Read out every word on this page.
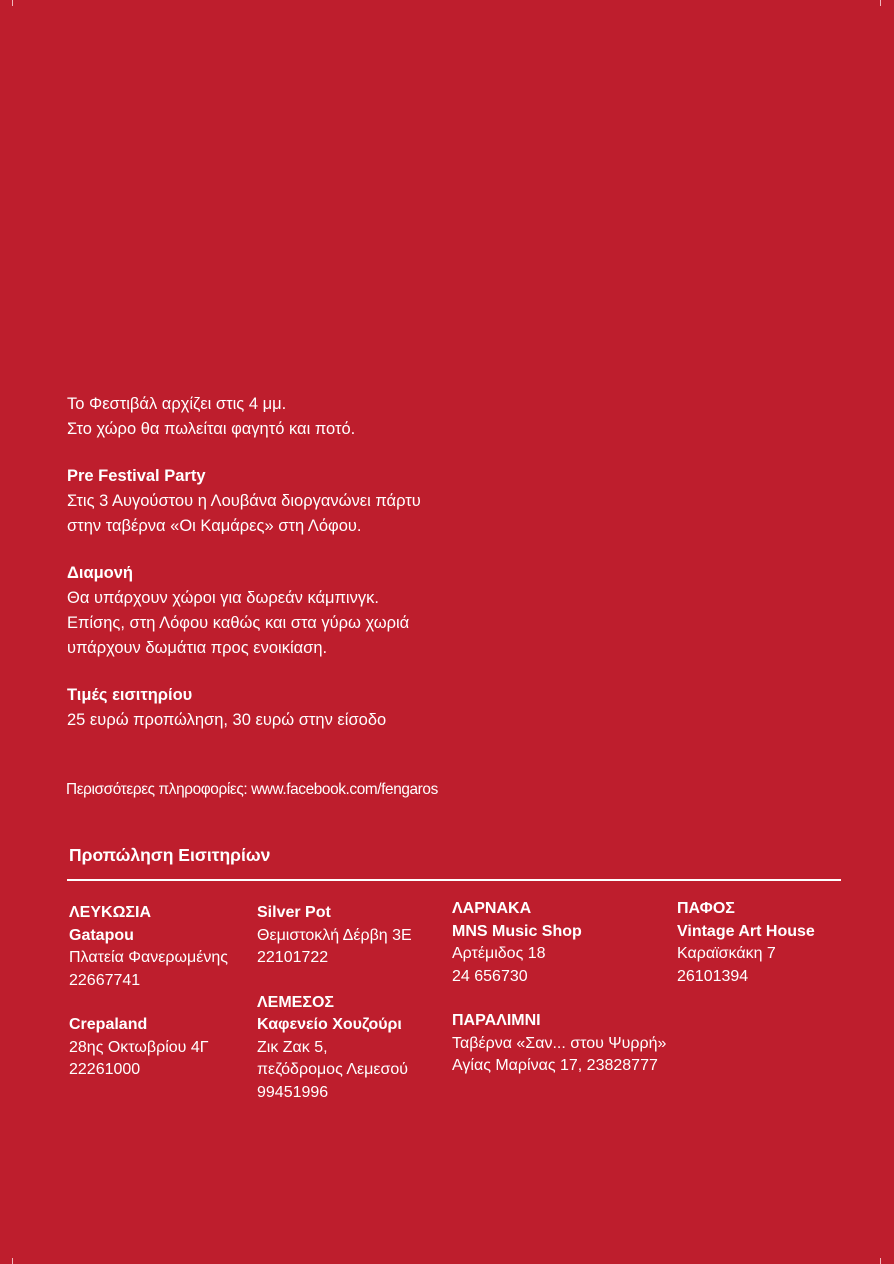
Το Φεστιβάλ αρχίζει στις 4 μμ.
Στο χώρο θα πωλείται φαγητό και ποτό.

Pre Festival Party
Στις 3 Αυγούστου η Λουβάνα διοργανώνει πάρτυ
στην ταβέρνα «Οι Καμάρες» στη Λόφου.

Διαμονή
Θα υπάρχουν χώροι για δωρεάν κάμπινγκ.
Επίσης, στη Λόφου καθώς και στα γύρω χωριά
υπάρχουν δωμάτια προς ενοικίαση.

Τιμές εισιτηρίου
25 ευρώ προπώληση, 30 ευρώ στην είσοδο

Περισσότερες πληροφορίες: www.facebook.com/fengaros
Προπώληση Εισιτηρίων
ΛΕΥΚΩΣΙΑ
Gatapou
Πλατεία Φανερωμένης
22667741
Crepaland
28ης Οκτωβρίου 4Γ
22261000
Silver Pot
Θεμιστοκλή Δέρβη 3Ε
22101722
ΛΕΜΕΣΟΣ
Καφενείο Χουζούρι
Ζικ Ζακ 5,
πεζόδρομος Λεμεσού
99451996
ΛΑΡΝΑΚΑ
MNS Music Shop
Αρτέμιδος 18
24 656730
ΠΑΡΑΛΙΜΝΙ
Ταβέρνα «Σαν... στου Ψυρρή»
Αγίας Μαρίνας 17, 23828777
ΠΑΦΟΣ
Vintage Art House
Καραϊσκάκη 7
26101394
